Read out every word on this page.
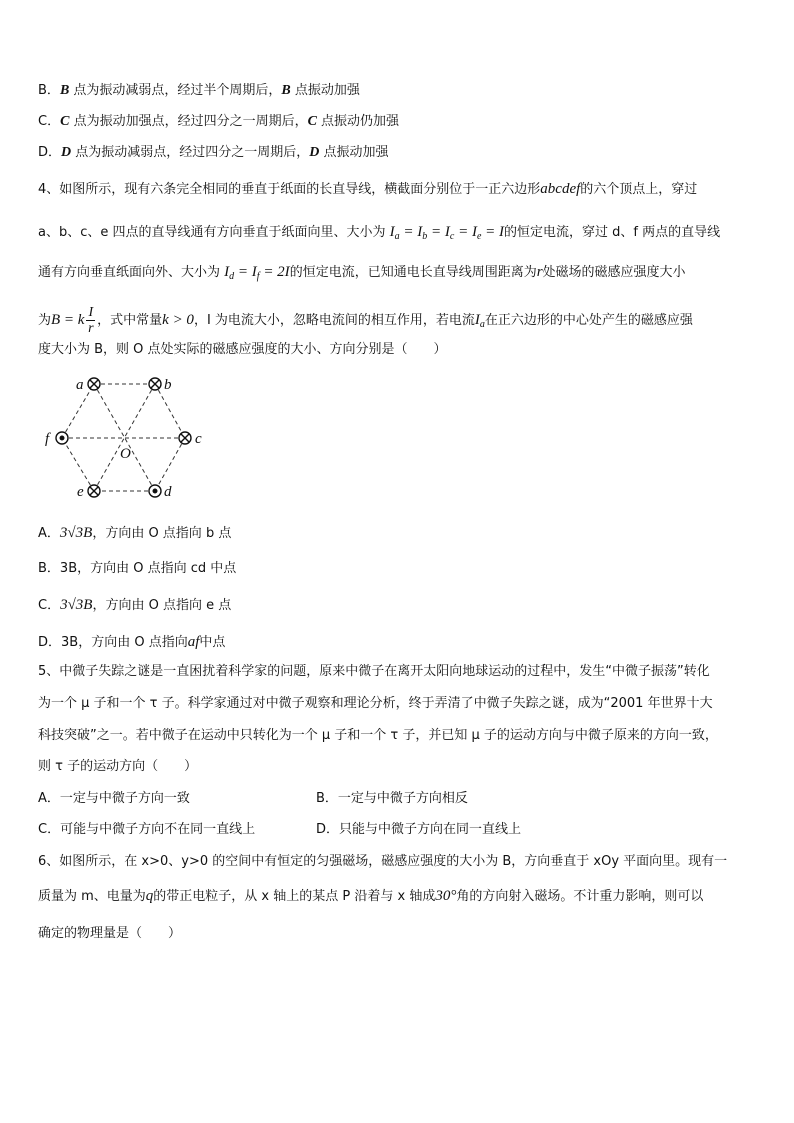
B．B 点为振动减弱点，经过半个周期后，B 点振动加强
C．C 点为振动加强点，经过四分之一周期后，C 点振动仍加强
D．D 点为振动减弱点，经过四分之一周期后，D 点振动加强
4、如图所示，现有六条完全相同的垂直于纸面的长直导线，横截面分别位于一正六边形abcdef的六个顶点上，穿过
a、b、c、e 四点的直导线通有方向垂直于纸面向里、大小为 $I_a = I_b = I_c = I_e = I$的恒定电流，穿过 d、f 两点的直导线
通有方向垂直纸面向外、大小为 $I_d = I_f = 2I$的恒定电流，已知通电长直导线周围距离为r处磁场的磁感应强度大小
为B = k $\frac{I}{r}$ ，式中常量k > 0，I 为电流大小，忽略电流间的相互作用，若电流$I_a$在正六边形的中心处产生的磁感应强
度大小为 B，则 O 点处实际的磁感应强度的大小、方向分别是（　　）
a	b
c
d
e
f
O
A．3√3B，方向由 O 点指向 b 点
B．3B，方向由 O 点指向 cd 中点
C．3√3B，方向由 O 点指向 e 点
D．3B，方向由 O 点指向af中点
5、中微子失踪之谜是一直困扰着科学家的问题，原来中微子在离开太阳向地球运动的过程中，发生“中微子振荡”转化
为一个 μ 子和一个 τ 子。科学家通过对中微子观察和理论分析，终于弄清了中微子失踪之谜，成为“2001 年世界十大
科技突破”之一。若中微子在运动中只转化为一个 μ 子和一个 τ 子，并已知 μ 子的运动方向与中微子原来的方向一致，
则 τ 子的运动方向（　　）
A．一定与中微子方向一致	B．一定与中微子方向相反
C．可能与中微子方向不在同一直线上	D．只能与中微子方向在同一直线上
6、如图所示，在 x>0、y>0 的空间中有恒定的匀强磁场，磁感应强度的大小为 B，方向垂直于 xOy 平面向里。现有一
质量为 m、电量为q的带正电粒子，从 x 轴上的某点 P 沿着与 x 轴成30°角的方向射入磁场。不计重力影响，则可以
确定的物理量是（　　）
